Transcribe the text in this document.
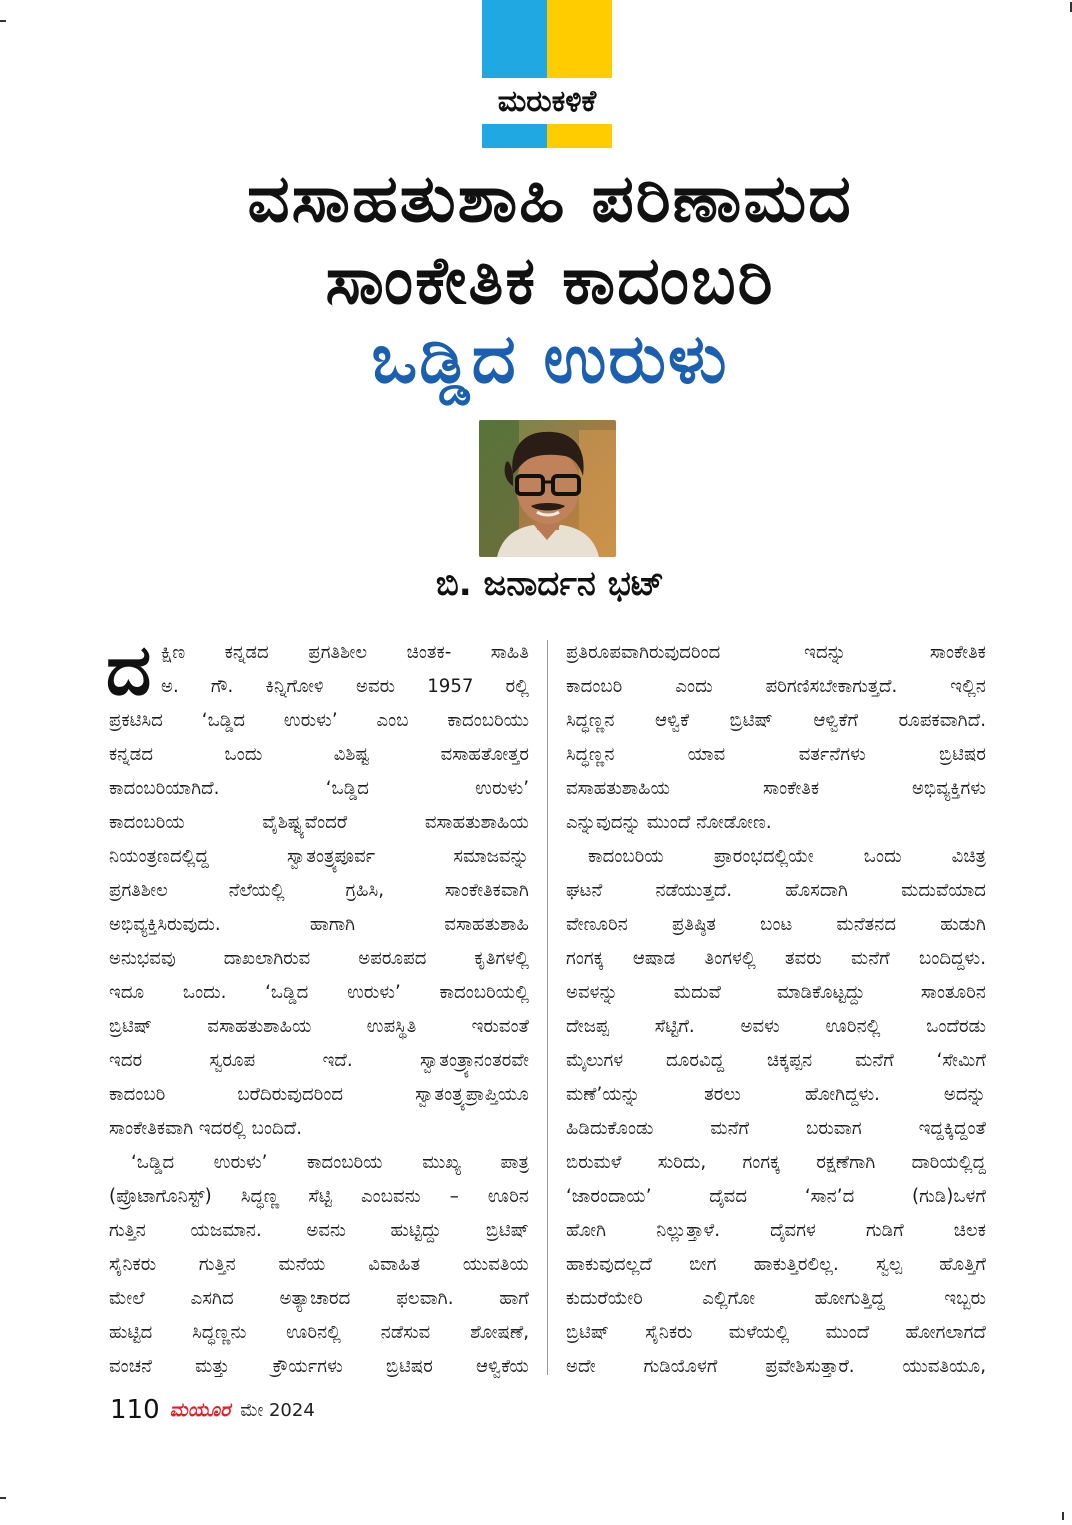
ಮರುಕಳಿಕೆ
ವಸಾಹತುಶಾಹಿ ಪರಿಣಾಮದ
ಸಾಂಕೇತಿಕ ಕಾದಂಬರಿ
ಒಡ್ಡಿದ ಉರುಳು
ಬಿ. ಜನಾರ್ದನ ಭಟ್
ದ ಕ್ಷಿಣ ಕನ್ನಡದ ಪ್ರಗತಿಶೀಲ ಚಿಂತಕ- ಸಾಹಿತಿ
ಅ. ಗೌ. ಕಿನ್ನಿಗೋಳಿ ಅವರು 1957 ರಲ್ಲಿ
ಪ್ರಕಟಿಸಿದ ‘ಒಡ್ಡಿದ ಉರುಳು’ ಎಂಬ ಕಾದಂಬರಿಯು
ಕನ್ನಡದ ಒಂದು ವಿಶಿಷ್ಟ ವಸಾಹತೋತ್ತರ
ಕಾದಂಬರಿಯಾಗಿದೆ. ‘ಒಡ್ಡಿದ ಉರುಳು’
ಕಾದಂಬರಿಯ ವೈಶಿಷ್ಟ್ಯವೆಂದರೆ ವಸಾಹತುಶಾಹಿಯ
ನಿಯಂತ್ರಣದಲ್ಲಿದ್ದ ಸ್ವಾತಂತ್ರ್ಯಪೂರ್ವ ಸಮಾಜವನ್ನು
ಪ್ರಗತಿಶೀಲ ನೆಲೆಯಲ್ಲಿ ಗ್ರಹಿಸಿ, ಸಾಂಕೇತಿಕವಾಗಿ
ಅಭಿವ್ಯಕ್ತಿಸಿರುವುದು. ಹಾಗಾಗಿ ವಸಾಹತುಶಾಹಿ
ಅನುಭವವು ದಾಖಲಾಗಿರುವ ಅಪರೂಪದ ಕೃತಿಗಳಲ್ಲಿ
ಇದೂ ಒಂದು. ‘ಒಡ್ಡಿದ ಉರುಳು’ ಕಾದಂಬರಿಯಲ್ಲಿ
ಬ್ರಿಟಿಷ್ ವಸಾಹತುಶಾಹಿಯ ಉಪಸ್ಥಿತಿ ಇರುವಂತೆ
ಇದರ ಸ್ವರೂಪ ಇದೆ. ಸ್ವಾತಂತ್ರ್ಯಾನಂತರವೇ
ಕಾದಂಬರಿ ಬರೆದಿರುವುದರಿಂದ ಸ್ವಾತಂತ್ರ್ಯಪ್ರಾಪ್ತಿಯೂ
ಸಾಂಕೇತಿಕವಾಗಿ ಇದರಲ್ಲಿ ಬಂದಿದೆ.
‘ಒಡ್ಡಿದ ಉರುಳು’ ಕಾದಂಬರಿಯ ಮುಖ್ಯ ಪಾತ್ರ
(ಪ್ರೊಟಾಗೊನಿಸ್ಟ್) ಸಿದ್ಧಣ್ಣ ಸೆಟ್ಟಿ ಎಂಬವನು – ಊರಿನ
ಗುತ್ತಿನ ಯಜಮಾನ. ಅವನು ಹುಟ್ಟಿದ್ದು ಬ್ರಿಟಿಷ್
ಸೈನಿಕರು ಗುತ್ತಿನ ಮನೆಯ ವಿವಾಹಿತ ಯುವತಿಯ
ಮೇಲೆ ಎಸಗಿದ ಅತ್ಯಾಚಾರದ ಫಲವಾಗಿ. ಹಾಗೆ
ಹುಟ್ಟಿದ ಸಿದ್ಧಣ್ಣನು ಊರಿನಲ್ಲಿ ನಡೆಸುವ ಶೋಷಣೆ,
ವಂಚನೆ ಮತ್ತು ಕ್ರೌರ್ಯಗಳು ಬ್ರಿಟಿಷರ ಆಳ್ವಿಕೆಯ
ಪ್ರತಿರೂಪವಾಗಿರುವುದರಿಂದ ಇದನ್ನು ಸಾಂಕೇತಿಕ
ಕಾದಂಬರಿ ಎಂದು ಪರಿಗಣಿಸಬೇಕಾಗುತ್ತದೆ. ಇಲ್ಲಿನ
ಸಿದ್ಧಣ್ಣನ ಆಳ್ವಿಕೆ ಬ್ರಿಟಿಷ್ ಆಳ್ವಿಕೆಗೆ ರೂಪಕವಾಗಿದೆ.
ಸಿದ್ಧಣ್ಣನ ಯಾವ ವರ್ತನೆಗಳು ಬ್ರಿಟಿಷರ
ವಸಾಹತುಶಾಹಿಯ ಸಾಂಕೇತಿಕ ಅಭಿವ್ಯಕ್ತಿಗಳು
ಎನ್ನುವುದನ್ನು ಮುಂದೆ ನೋಡೋಣ.
ಕಾದಂಬರಿಯ ಪ್ರಾರಂಭದಲ್ಲಿಯೇ ಒಂದು ವಿಚಿತ್ರ
ಘಟನೆ ನಡೆಯುತ್ತದೆ. ಹೊಸದಾಗಿ ಮದುವೆಯಾದ
ವೇಣೂರಿನ ಪ್ರತಿಷ್ಠಿತ ಬಂಟ ಮನೆತನದ ಹುಡುಗಿ
ಗಂಗಕ್ಕ ಆಷಾಡ ತಿಂಗಳಲ್ಲಿ ತವರು ಮನೆಗೆ ಬಂದಿದ್ದಳು.
ಅವಳನ್ನು ಮದುವೆ ಮಾಡಿಕೊಟ್ಟದ್ದು ಸಾಂತೂರಿನ
ದೇಜಪ್ಪ ಸೆಟ್ಟಿಗೆ. ಅವಳು ಊರಿನಲ್ಲಿ ಒಂದೆರಡು
ಮೈಲುಗಳ ದೂರವಿದ್ದ ಚಿಕ್ಕಪ್ಪನ ಮನೆಗೆ ‘ಸೇಮಿಗೆ
ಮಣೆ’ಯನ್ನು ತರಲು ಹೋಗಿದ್ದಳು. ಅದನ್ನು
ಹಿಡಿದುಕೊಂಡು ಮನೆಗೆ ಬರುವಾಗ ಇದ್ದಕ್ಕಿದ್ದಂತೆ
ಬಿರುಮಳೆ ಸುರಿದು, ಗಂಗಕ್ಕ ರಕ್ಷಣೆಗಾಗಿ ದಾರಿಯಲ್ಲಿದ್ದ
‘ಜಾರಂದಾಯ’ ದೈವದ ‘ಸಾನ’ದ (ಗುಡಿ)ಒಳಗೆ
ಹೋಗಿ ನಿಲ್ಲುತ್ತಾಳೆ. ದೈವಗಳ ಗುಡಿಗೆ ಚಿಲಕ
ಹಾಕುವುದಲ್ಲದೆ ಬೀಗ ಹಾಕುತ್ತಿರಲಿಲ್ಲ. ಸ್ವಲ್ಪ ಹೊತ್ತಿಗೆ
ಕುದುರೆಯೇರಿ ಎಲ್ಲಿಗೋ ಹೋಗುತ್ತಿದ್ದ ಇಬ್ಬರು
ಬ್ರಿಟಿಷ್ ಸೈನಿಕರು ಮಳೆಯಲ್ಲಿ ಮುಂದೆ ಹೋಗಲಾಗದೆ
ಅದೇ ಗುಡಿಯೊಳಗೆ ಪ್ರವೇಶಿಸುತ್ತಾರೆ. ಯುವತಿಯೂ,
110 ಮಯೂರ ಮೇ 2024
